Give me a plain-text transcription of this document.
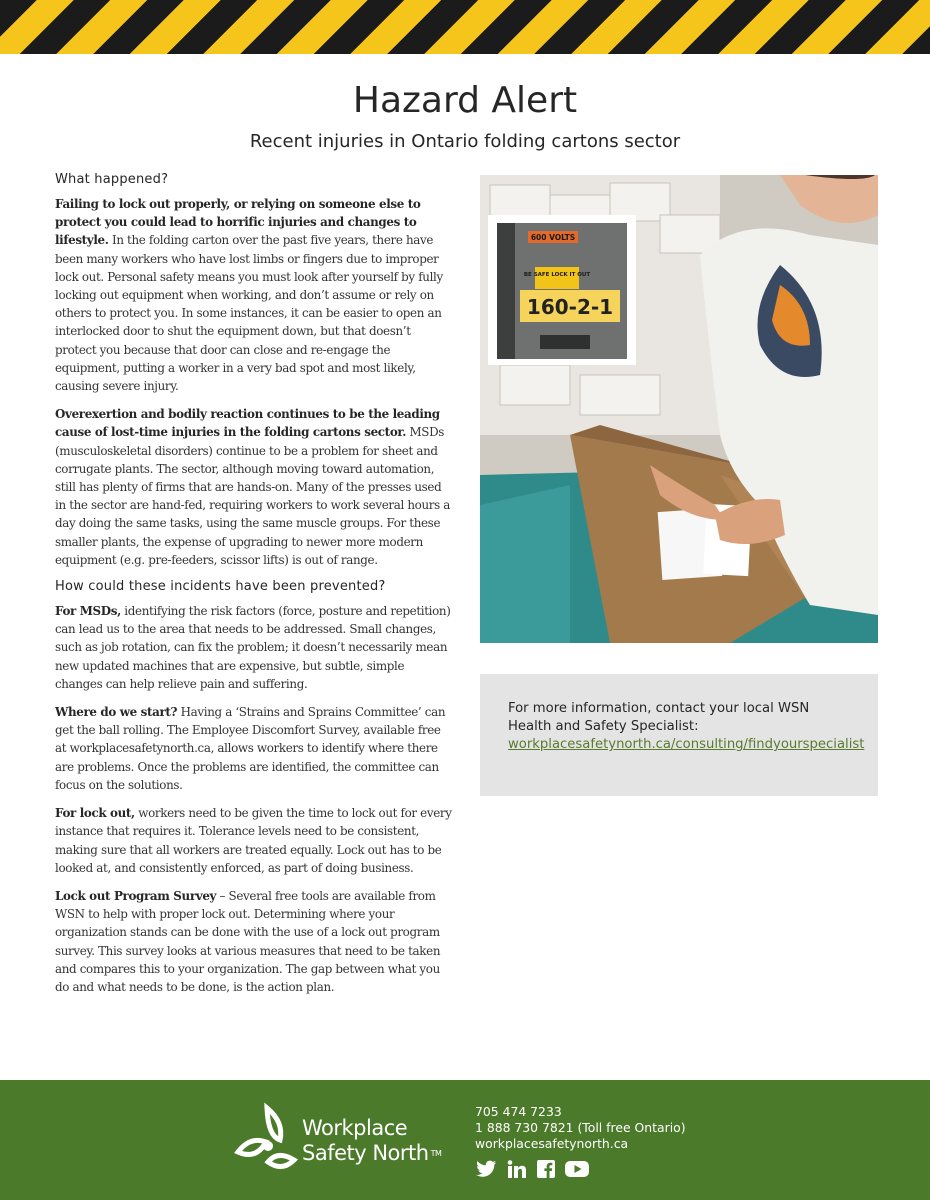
Hazard Alert
Recent injuries in Ontario folding cartons sector
What happened?

Failing to lock out properly, or relying on someone else to protect you could lead to horrific injuries and changes to lifestyle. In the folding carton over the past five years, there have been many workers who have lost limbs or fingers due to improper lock out. Personal safety means you must look after yourself by fully locking out equipment when working, and don’t assume or rely on others to protect you. In some instances, it can be easier to open an interlocked door to shut the equipment down, but that doesn’t protect you because that door can close and re-engage the equipment, putting a worker in a very bad spot and most likely, causing severe injury.

Overexertion and bodily reaction continues to be the leading cause of lost-time injuries in the folding cartons sector. MSDs (musculoskeletal disorders) continue to be a problem for sheet and corrugate plants. The sector, although moving toward automation, still has plenty of firms that are hands-on. Many of the presses used in the sector are hand-fed, requiring workers to work several hours a day doing the same tasks, using the same muscle groups. For these smaller plants, the expense of upgrading to newer more modern equipment (e.g. pre-feeders, scissor lifts) is out of range.

How could these incidents have been prevented?

For MSDs, identifying the risk factors (force, posture and repetition) can lead us to the area that needs to be addressed. Small changes, such as job rotation, can fix the problem; it doesn’t necessarily mean new updated machines that are expensive, but subtle, simple changes can help relieve pain and suffering.

Where do we start? Having a ‘Strains and Sprains Committee’ can get the ball rolling. The Employee Discomfort Survey, available free at workplacesafetynorth.ca, allows workers to identify where there are problems. Once the problems are identified, the committee can focus on the solutions.

For lock out, workers need to be given the time to lock out for every instance that requires it. Tolerance levels need to be consistent, making sure that all workers are treated equally. Lock out has to be looked at, and consistently enforced, as part of doing business.

Lock out Program Survey – Several free tools are available from WSN to help with proper lock out. Determining where your organization stands can be done with the use of a lock out program survey. This survey looks at various measures that need to be taken and compares this to your organization. The gap between what you do and what needs to be done, is the action plan.

600 VOLTS
BE SAFE LOCK IT OUT
160-2-1
For more information, contact your local WSN Health and Safety Specialist:
workplacesafetynorth.ca/consulting/findyourspecialist
Workplace
Safety North ™
705 474 7233
1 888 730 7821 (Toll free Ontario)
workplacesafetynorth.ca
